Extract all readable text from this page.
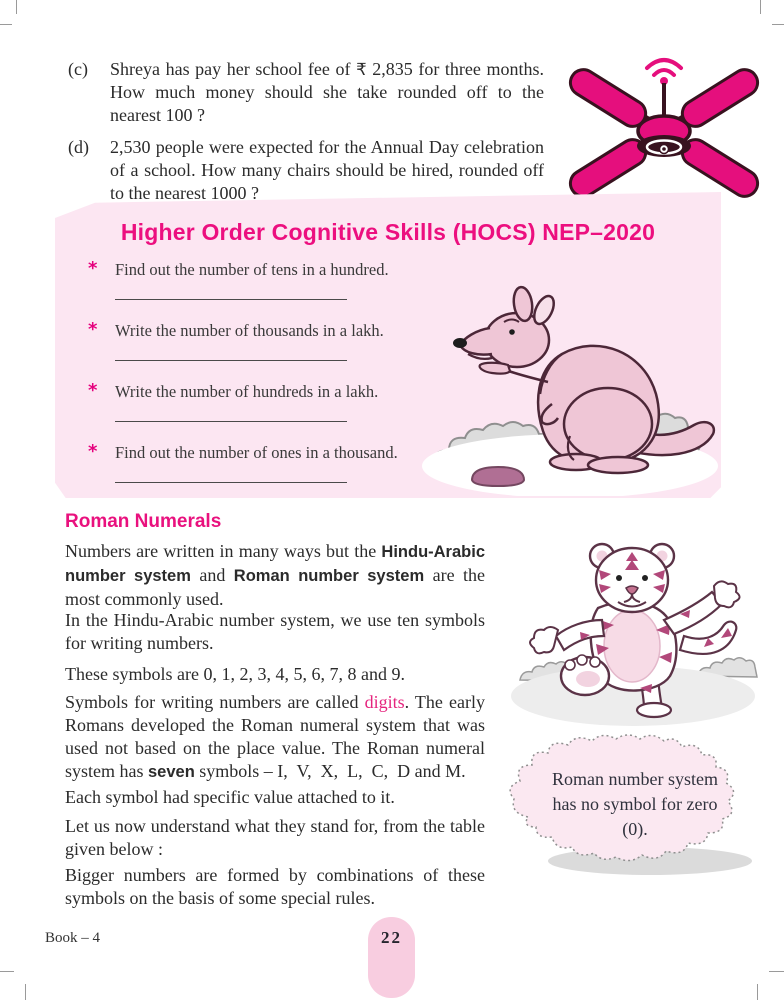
(c) Shreya has pay her school fee of ₹ 2,835 for three months. How much money should she take rounded off to the nearest 100 ?
(d) 2,530 people were expected for the Annual Day celebration of a school. How many chairs should be hired, rounded off to the nearest 1000 ?
Higher Order Cognitive Skills (HOCS) NEP–2020
* Find out the number of tens in a hundred.
* Write the number of thousands in a lakh.
* Write the number of hundreds in a lakh.
* Find out the number of ones in a thousand.
Roman Numerals
Numbers are written in many ways but the Hindu-Arabic number system and Roman number system are the most commonly used.
In the Hindu-Arabic number system, we use ten symbols for writing numbers.
These symbols are 0, 1, 2, 3, 4, 5, 6, 7, 8 and 9.
Symbols for writing numbers are called digits. The early Romans developed the Roman numeral system that was used not based on the place value. The Roman numeral system has seven symbols – I,  V,  X,  L,  C,  D and M.
Each symbol had specific value attached to it.
Let us now understand what they stand for, from the table given below :
Bigger numbers are formed by combinations of these symbols on the basis of some special rules.
Roman number system has no symbol for zero (0).
Book – 4	22
